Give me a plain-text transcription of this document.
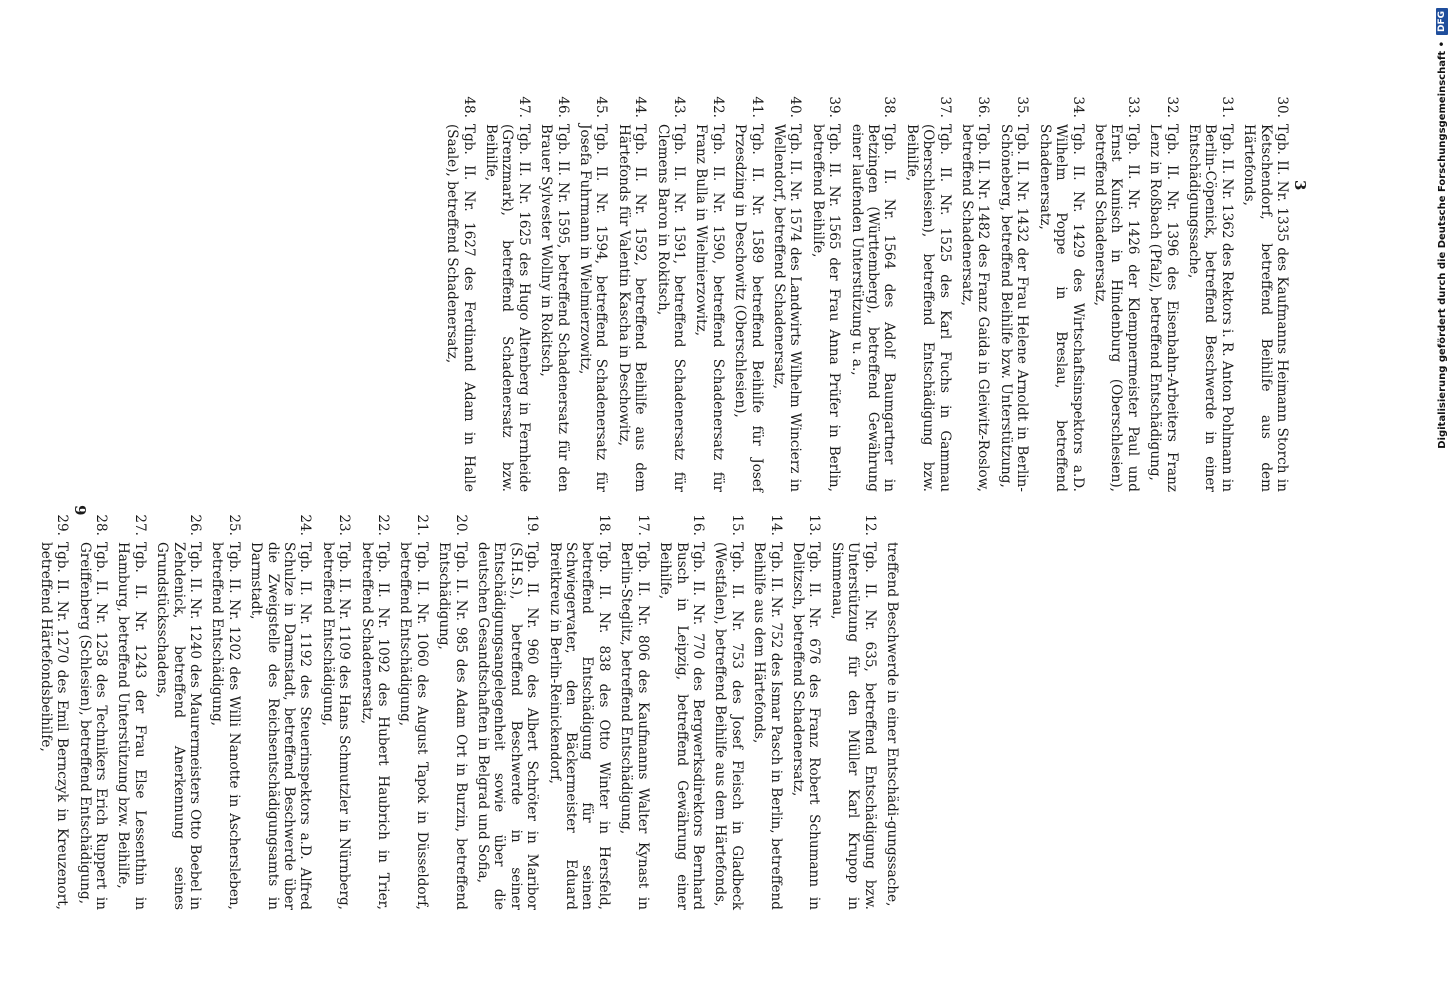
9
3
treffend Beschwerde in einer Entschädi-gungssache,
12.
Tgb. II. Nr. 635, betreffend Entschädigung bzw. Unterstützung für den Müller Karl Krupop in Simmenau,
13.
Tgb. II. Nr. 676 des Franz Robert Schumann in Delitzsch, betreffend Schadenersatz,
14.
Tgb. II. Nr. 752 des Ismar Pasch in Berlin, betreffend Beihilfe aus dem Härtefonds,
15.
Tgb. II. Nr. 753 des Josef Fleisch in Gladbeck (Westfalen), betreffend Beihilfe aus dem Härtefonds,
16.
Tgb. II. Nr. 770 des Bergwerksdirektors Bernhard Busch in Leipzig, betreffend Gewährung einer Beihilfe,
17.
Tgb. II. Nr. 806 des Kaufmanns Walter Kynast in Berlin-Steglitz, betreffend Entschädigung,
18.
Tgb. II. Nr. 838 des Otto Winter in Hersfeld, betreffend Entschädigung für seinen Schwiegervater, den Bäckermeister Eduard Breitkreuz in Berlin-Reinickendorf,
19.
Tgb. II. Nr. 960 des Albert Schröter in Maribor (S.H.S.), betreffend Beschwerde in seiner Entschädigungsangelegenheit sowie über die deutschen Gesandtschaften in Belgrad und Sofia,
20.
Tgb. II. Nr. 985 des Adam Ort in Burzin, betreffend Entschädigung,
21.
Tgb. II. Nr. 1060 des August Tapok in Düsseldorf, betreffend Entschädigung,
22.
Tgb. II. Nr. 1092 des Hubert Haubrich in Trier, betreffend Schadenersatz,
23.
Tgb. II. Nr. 1109 des Hans Schmutzler in Nürnberg, betreffend Entschädigung,
24.
Tgb. II. Nr. 1192 des Steuerinspektors a.D. Alfred Schulze in Darmstadt, betreffend Beschwerde über die Zweigstelle des Reichsentschädigungsamts in Darmstadt,
25.
Tgb. II. Nr. 1202 des Willi Nanotte in Aschersleben, betreffend Entschädigung,
26.
Tgb. II. Nr. 1240 des Maurermeisters Otto Boebel in Zehdenick, betreffend Anerkennung seines Grundstücksschadens,
27.
Tgb. II. Nr. 1243 der Frau Else Lessenthin in Hamburg, betreffend Unterstützung bzw. Beihilfe,
28.
Tgb. II. Nr. 1258 des Technikers Erich Ruppert in Greiffenberg (Schlesien), betreffend Entschädigung,
29.
Tgb. II. Nr. 1270 des Emil Bernczyk in Kreuzenort, betreffend Härtefondsbeihilfe,
30.
Tgb. II. Nr. 1335 des Kaufmanns Heimann Storch in Ketschendorf, betreffend Beihilfe aus dem Härtefonds,
31.
Tgb. II. Nr. 1362 des Rektors i. R. Anton Pohlmann in Berlin-Cöpenick, betreffend Beschwerde in einer Entschädigungssache,
32.
Tgb. II. Nr. 1396 des Eisenbahn-Arbeiters Franz Lenz in Roßbach (Pfalz), betreffend Entschädigung,
33.
Tgb. II. Nr. 1426 der Klempnermeister Paul und Ernst Kunisch in Hindenburg (Oberschlesien), betreffend Schadenersatz,
34.
Tgb. II. Nr. 1429 des Wirtschaftsinspektors a.D. Wilhelm Poppe in Breslau, betreffend Schadenersatz,
35.
Tgb. II. Nr. 1432 der Frau Helene Arnoldt in Berlin-Schöneberg, betreffend Beihilfe bzw. Unterstützung,
36.
Tgb. II. Nr. 1482 des Franz Gaida in Gleiwitz-Roslow, betreffend Schadenersatz,
37.
Tgb. II. Nr. 1525 des Karl Fuchs in Gammau (Oberschlesien), betreffend Entschädigung bzw. Beihilfe,
38.
Tgb. II. Nr. 1564 des Adolf Baumgartner in Betzingen (Württemberg), betreffend Gewährung einer laufenden Unterstützung u. a.,
39.
Tgb. II. Nr. 1565 der Frau Anna Prüfer in Berlin, betreffend Beihilfe,
40.
Tgb. II. Nr. 1574 des Landwirts Wilhelm Wincierz in Wellendorf, betreffend Schadenersatz,
41.
Tgb. II. Nr. 1589 betreffend Beihilfe für Josef Przesdzing in Deschowitz (Oberschlesien),
42.
Tgb. II. Nr. 1590, betreffend Schadenersatz für Franz Bulla in Wielmierzowitz,
43.
Tgb. II. Nr. 1591, betreffend Schadenersatz für Clemens Baron in Rokitsch,
44.
Tgb. II. Nr. 1592, betreffend Beihilfe aus dem Härtefonds für Valentin Kascha in Deschowitz,
45.
Tgb. II. Nr. 1594, betreffend Schadenersatz für Josefa Fuhrmann in Wielmierzowitz,
46.
Tgb. II. Nr. 1595, betreffend Schadenersatz für den Brauer Sylvester Wollny in Rokitsch,
47.
Tgb. II. Nr. 1625 des Hugo Altenberg in Fernheide (Grenzmark), betreffend Schadenersatz bzw. Beihilfe,
48.
Tgb. II. Nr. 1627 des Ferdinand Adam in Halle (Saale), betreffend Schadenersatz,	Digitalisierung gefördert durch die Deutsche Forschungsgemeinschaft •
DFG
